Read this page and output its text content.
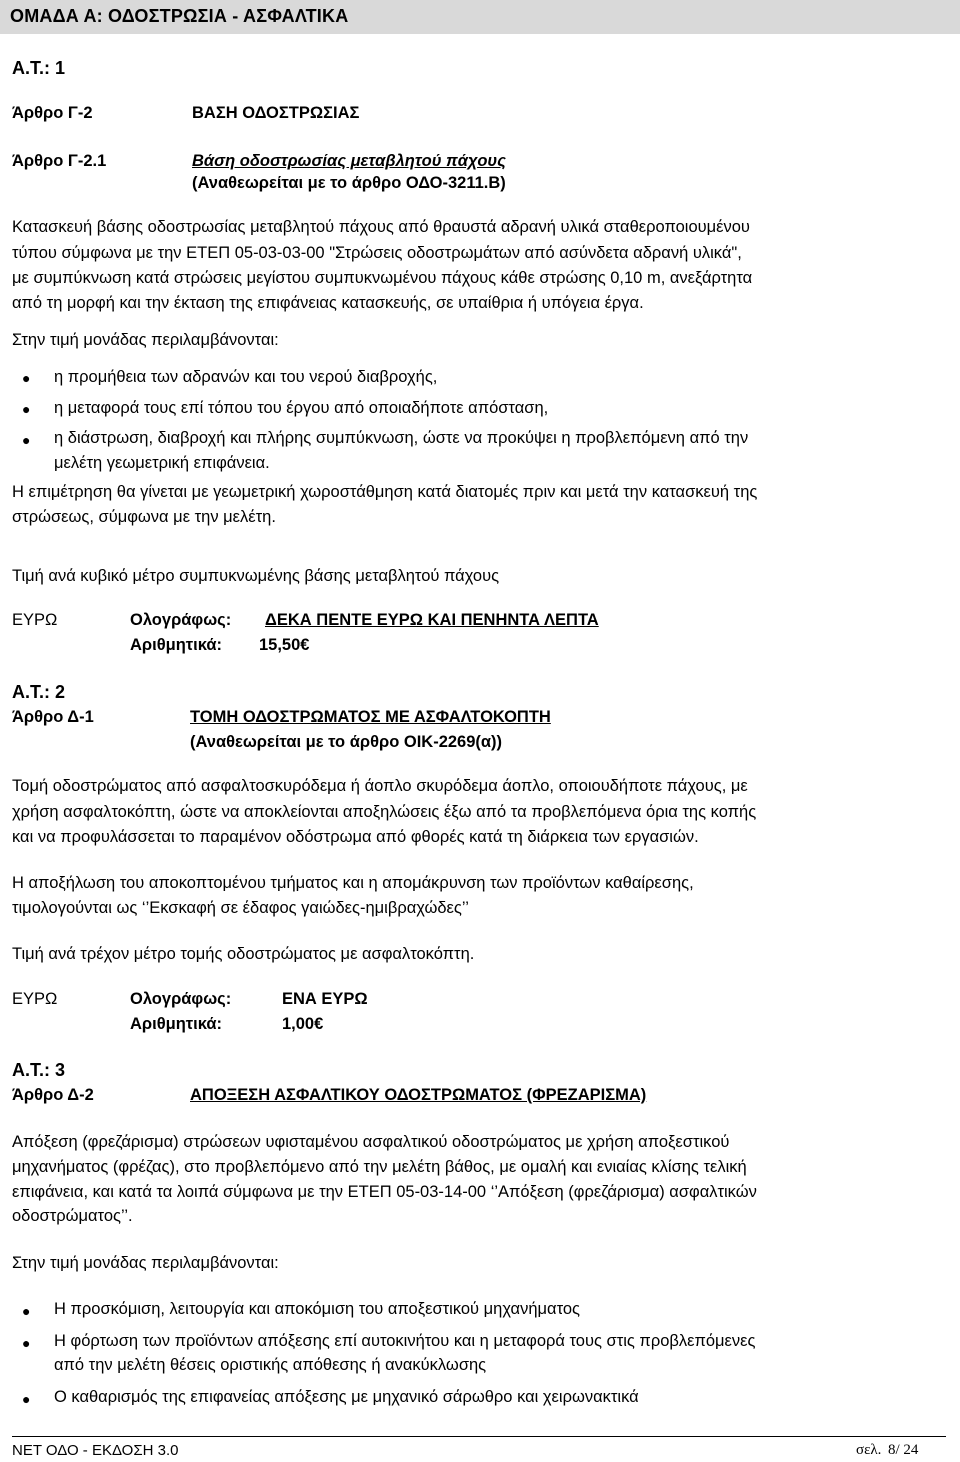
ΟΜΑΔΑ Α: ΟΔΟΣΤΡΩΣΙΑ - ΑΣΦΑΛΤΙΚΑ
Α.Τ.: 1
Άρθρο Γ-2	ΒΑΣΗ ΟΔΟΣΤΡΩΣΙΑΣ
Άρθρο Γ-2.1	Βάση οδοστρωσίας μεταβλητού πάχους
(Αναθεωρείται με το άρθρο ΟΔΟ-3211.Β)
Κατασκευή βάσης οδοστρωσίας μεταβλητού πάχους από θραυστά αδρανή υλικά σταθεροποιουμένου
τύπου σύμφωνα με την ΕΤΕΠ 05-03-03-00 "Στρώσεις οδοστρωμάτων από ασύνδετα αδρανή υλικά",
με συμπύκνωση κατά στρώσεις μεγίστου συμπυκνωμένου πάχους κάθε στρώσης 0,10 m, ανεξάρτητα
από τη μορφή και την έκταση της επιφάνειας κατασκευής, σε υπαίθρια ή υπόγεια έργα.
Στην τιμή μονάδας περιλαμβάνονται:
● η προμήθεια των αδρανών και του νερού διαβροχής,
● η μεταφορά τους επί τόπου του έργου από οποιαδήποτε απόσταση,
● η διάστρωση, διαβροχή και πλήρης συμπύκνωση, ώστε να προκύψει η προβλεπόμενη από την
μελέτη γεωμετρική επιφάνεια.
Η επιμέτρηση θα γίνεται με γεωμετρική χωροστάθμηση κατά διατομές πριν και μετά την κατασκευή της
στρώσεως, σύμφωνα με την μελέτη.
Τιμή ανά κυβικό μέτρο συμπυκνωμένης βάσης μεταβλητού πάχους
ΕΥΡΩ	Ολογράφως: ΔΕΚΑ ΠΕΝΤΕ ΕΥΡΩ ΚΑΙ ΠΕΝΗΝΤΑ ΛΕΠΤΑ
Αριθμητικά: 15,50€
Α.Τ.: 2
Άρθρο Δ-1	ΤΟΜΗ ΟΔΟΣΤΡΩΜΑΤΟΣ ΜΕ ΑΣΦΑΛΤΟΚΟΠΤΗ
(Αναθεωρείται με το άρθρο ΟΙΚ-2269(α))
Τομή οδοστρώματος από ασφαλτοσκυρόδεμα ή άοπλο σκυρόδεμα άοπλο, οποιουδήποτε πάχους, με
χρήση ασφαλτοκόπτη, ώστε να αποκλείονται αποξηλώσεις έξω από τα προβλεπόμενα όρια της κοπής
και να προφυλάσσεται το παραμένον οδόστρωμα από φθορές κατά τη διάρκεια των εργασιών.
Η αποξήλωση του αποκοπτομένου τμήματος και η απομάκρυνση των προϊόντων καθαίρεσης,
τιμολογούνται ως ‘’Εκσκαφή σε έδαφος γαιώδες-ημιβραχώδες’’
Τιμή ανά τρέχον μέτρο τομής οδοστρώματος με ασφαλτοκόπτη.
ΕΥΡΩ	Ολογράφως:	ΕΝΑ ΕΥΡΩ
Αριθμητικά:	1,00€
Α.Τ.: 3
Άρθρο Δ-2	ΑΠΟΞΕΣΗ ΑΣΦΑΛΤΙΚΟΥ ΟΔΟΣΤΡΩΜΑΤΟΣ (ΦΡΕΖΑΡΙΣΜΑ)
Απόξεση (φρεζάρισμα) στρώσεων υφισταμένου ασφαλτικού οδοστρώματος με χρήση αποξεστικού
μηχανήματος (φρέζας), στο προβλεπόμενο από την μελέτη βάθος, με ομαλή και ενιαίας κλίσης τελική
επιφάνεια, και κατά τα λοιπά σύμφωνα με την ΕΤΕΠ 05-03-14-00 ‘’Απόξεση (φρεζάρισμα) ασφαλτικών
οδοστρώματος’’.
Στην τιμή μονάδας περιλαμβάνονται:
● Η προσκόμιση, λειτουργία και αποκόμιση του αποξεστικού μηχανήματος
● Η φόρτωση των προϊόντων απόξεσης επί αυτοκινήτου και η μεταφορά τους στις προβλεπόμενες
από την μελέτη θέσεις οριστικής απόθεσης ή ανακύκλωσης
● Ο καθαρισμός της επιφανείας απόξεσης με μηχανικό σάρωθρο και χειρωνακτικά
ΝΕΤ ΟΔΟ - ΕΚΔΟΣΗ 3.0	σελ. 8/ 24
